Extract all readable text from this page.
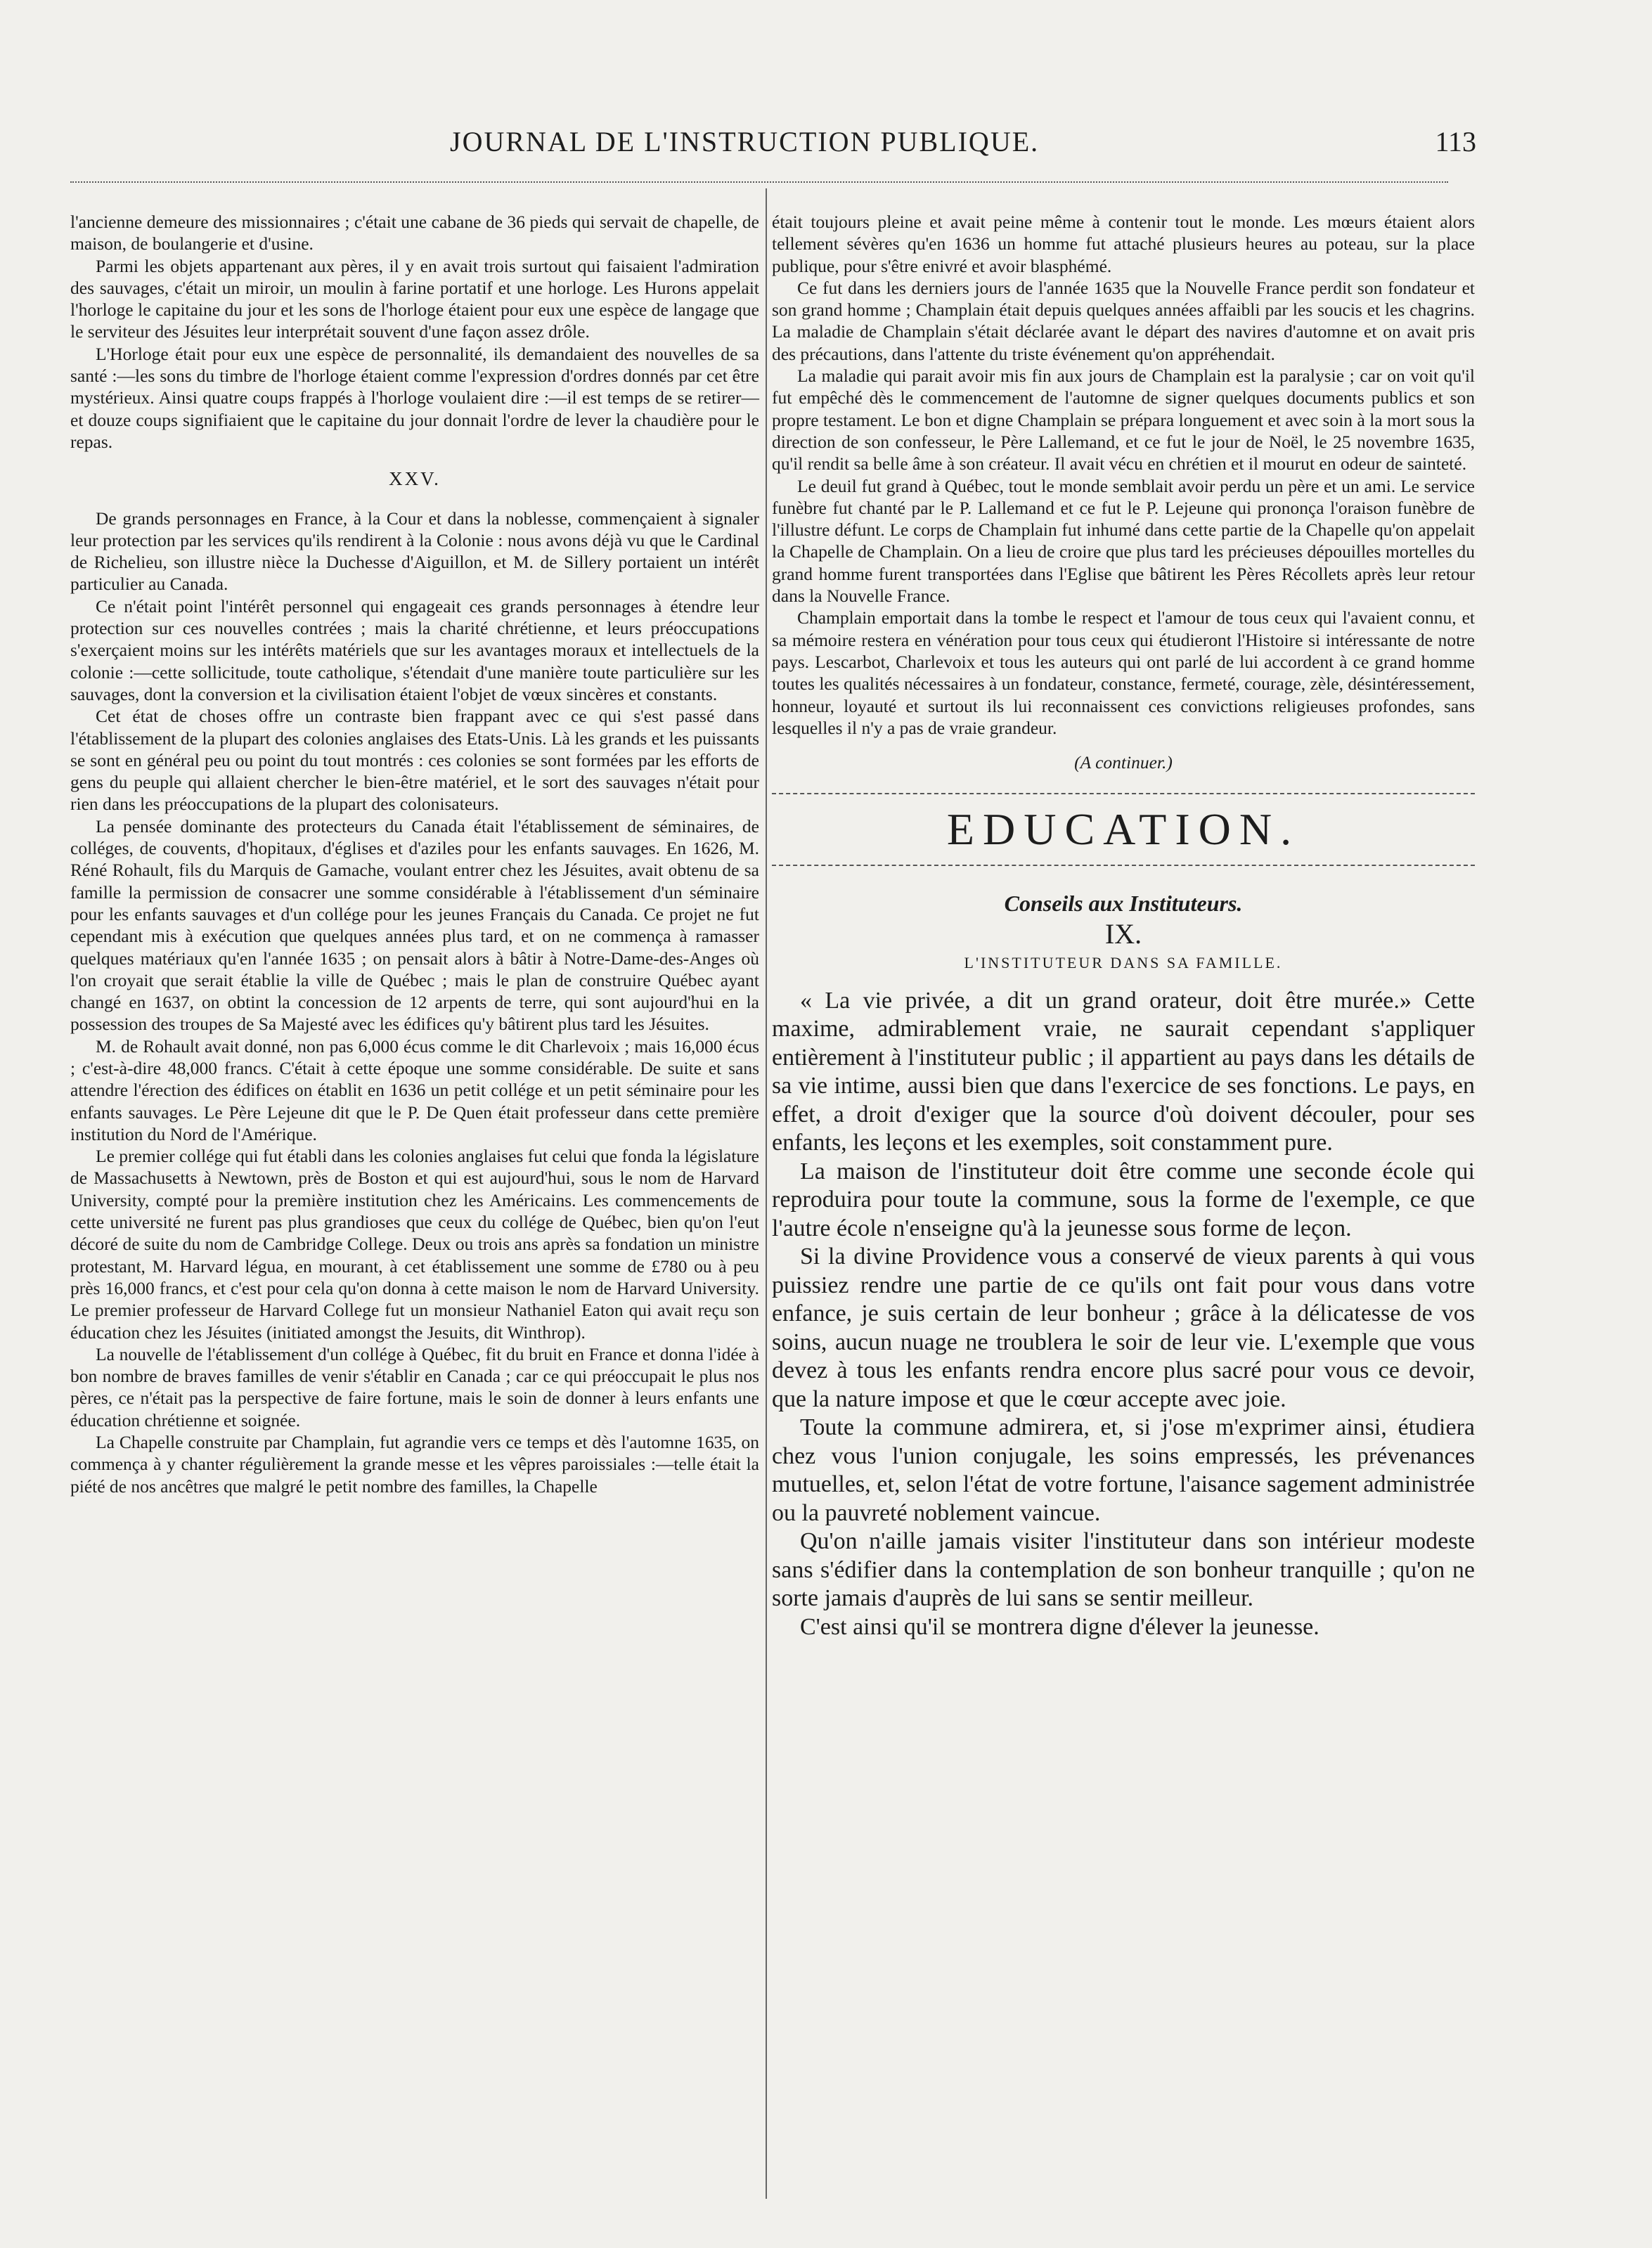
JOURNAL DE L'INSTRUCTION PUBLIQUE.	113

l'ancienne demeure des missionnaires ; c'était une cabane de 36 pieds qui servait de chapelle, de maison, de boulangerie et d'usine.

Parmi les objets appartenant aux pères, il y en avait trois surtout qui faisaient l'admiration des sauvages, c'était un miroir, un moulin à farine portatif et une horloge. Les Hurons appelait l'horloge le capitaine du jour et les sons de l'horloge étaient pour eux une espèce de langage que le serviteur des Jésuites leur interprétait souvent d'une façon assez drôle.

L'Horloge était pour eux une espèce de personnalité, ils demandaient des nouvelles de sa santé :—les sons du timbre de l'horloge étaient comme l'expression d'ordres donnés par cet être mystérieux. Ainsi quatre coups frappés à l'horloge voulaient dire :—il est temps de se retirer—et douze coups signifiaient que le capitaine du jour donnait l'ordre de lever la chaudière pour le repas.

XXV.

De grands personnages en France, à la Cour et dans la noblesse, commençaient à signaler leur protection par les services qu'ils rendirent à la Colonie : nous avons déjà vu que le Cardinal de Richelieu, son illustre nièce la Duchesse d'Aiguillon, et M. de Sillery portaient un intérêt particulier au Canada.

Ce n'était point l'intérêt personnel qui engageait ces grands personnages à étendre leur protection sur ces nouvelles contrées ; mais la charité chrétienne, et leurs préoccupations s'exerçaient moins sur les intérêts matériels que sur les avantages moraux et intellectuels de la colonie :—cette sollicitude, toute catholique, s'étendait d'une manière toute particulière sur les sauvages, dont la conversion et la civilisation étaient l'objet de vœux sincères et constants.

Cet état de choses offre un contraste bien frappant avec ce qui s'est passé dans l'établissement de la plupart des colonies anglaises des Etats-Unis. Là les grands et les puissants se sont en général peu ou point du tout montrés : ces colonies se sont formées par les efforts de gens du peuple qui allaient chercher le bien-être matériel, et le sort des sauvages n'était pour rien dans les préoccupations de la plupart des colonisateurs.

La pensée dominante des protecteurs du Canada était l'établissement de séminaires, de colléges, de couvents, d'hopitaux, d'églises et d'aziles pour les enfants sauvages. En 1626, M. Réné Rohault, fils du Marquis de Gamache, voulant entrer chez les Jésuites, avait obtenu de sa famille la permission de consacrer une somme considérable à l'établissement d'un séminaire pour les enfants sauvages et d'un collége pour les jeunes Français du Canada. Ce projet ne fut cependant mis à exécution que quelques années plus tard, et on ne commença à ramasser quelques matériaux qu'en l'année 1635 ; on pensait alors à bâtir à Notre-Dame-des-Anges où l'on croyait que serait établie la ville de Québec ; mais le plan de construire Québec ayant changé en 1637, on obtint la concession de 12 arpents de terre, qui sont aujourd'hui en la possession des troupes de Sa Majesté avec les édifices qu'y bâtirent plus tard les Jésuites.

M. de Rohault avait donné, non pas 6,000 écus comme le dit Charlevoix ; mais 16,000 écus ; c'est-à-dire 48,000 francs. C'était à cette époque une somme considérable. De suite et sans attendre l'érection des édifices on établit en 1636 un petit collége et un petit séminaire pour les enfants sauvages. Le Père Lejeune dit que le P. De Quen était professeur dans cette première institution du Nord de l'Amérique.

Le premier collége qui fut établi dans les colonies anglaises fut celui que fonda la législature de Massachusetts à Newtown, près de Boston et qui est aujourd'hui, sous le nom de Harvard University, compté pour la première institution chez les Américains. Les commencements de cette université ne furent pas plus grandioses que ceux du collége de Québec, bien qu'on l'eut décoré de suite du nom de Cambridge College. Deux ou trois ans après sa fondation un ministre protestant, M. Harvard légua, en mourant, à cet établissement une somme de £780 ou à peu près 16,000 francs, et c'est pour cela qu'on donna à cette maison le nom de Harvard University. Le premier professeur de Harvard College fut un monsieur Nathaniel Eaton qui avait reçu son éducation chez les Jésuites (initiated amongst the Jesuits, dit Winthrop).

La nouvelle de l'établissement d'un collége à Québec, fit du bruit en France et donna l'idée à bon nombre de braves familles de venir s'établir en Canada ; car ce qui préoccupait le plus nos pères, ce n'était pas la perspective de faire fortune, mais le soin de donner à leurs enfants une éducation chrétienne et soignée.

La Chapelle construite par Champlain, fut agrandie vers ce temps et dès l'automne 1635, on commença à y chanter régulièrement la grande messe et les vêpres paroissiales :—telle était la piété de nos ancêtres que malgré le petit nombre des familles, la Chapelle

était toujours pleine et avait peine même à contenir tout le monde. Les mœurs étaient alors tellement sévères qu'en 1636 un homme fut attaché plusieurs heures au poteau, sur la place publique, pour s'être enivré et avoir blasphémé.

Ce fut dans les derniers jours de l'année 1635 que la Nouvelle France perdit son fondateur et son grand homme ; Champlain était depuis quelques années affaibli par les soucis et les chagrins. La maladie de Champlain s'était déclarée avant le départ des navires d'automne et on avait pris des précautions, dans l'attente du triste événement qu'on appréhendait.

La maladie qui parait avoir mis fin aux jours de Champlain est la paralysie ; car on voit qu'il fut empêché dès le commencement de l'automne de signer quelques documents publics et son propre testament. Le bon et digne Champlain se prépara longuement et avec soin à la mort sous la direction de son confesseur, le Père Lallemand, et ce fut le jour de Noël, le 25 novembre 1635, qu'il rendit sa belle âme à son créateur. Il avait vécu en chrétien et il mourut en odeur de sainteté.

Le deuil fut grand à Québec, tout le monde semblait avoir perdu un père et un ami. Le service funèbre fut chanté par le P. Lallemand et ce fut le P. Lejeune qui prononça l'oraison funèbre de l'illustre défunt. Le corps de Champlain fut inhumé dans cette partie de la Chapelle qu'on appelait la Chapelle de Champlain. On a lieu de croire que plus tard les précieuses dépouilles mortelles du grand homme furent transportées dans l'Eglise que bâtirent les Pères Récollets après leur retour dans la Nouvelle France.

Champlain emportait dans la tombe le respect et l'amour de tous ceux qui l'avaient connu, et sa mémoire restera en vénération pour tous ceux qui étudieront l'Histoire si intéressante de notre pays. Lescarbot, Charlevoix et tous les auteurs qui ont parlé de lui accordent à ce grand homme toutes les qualités nécessaires à un fondateur, constance, fermeté, courage, zèle, désintéressement, honneur, loyauté et surtout ils lui reconnaissent ces convictions religieuses profondes, sans lesquelles il n'y a pas de vraie grandeur.

(A continuer.)

EDUCATION.
Conseils aux Instituteurs.
IX.
L'INSTITUTEUR DANS SA FAMILLE.

« La vie privée, a dit un grand orateur, doit être murée.» Cette maxime, admirablement vraie, ne saurait cependant s'appliquer entièrement à l'instituteur public ; il appartient au pays dans les détails de sa vie intime, aussi bien que dans l'exercice de ses fonctions. Le pays, en effet, a droit d'exiger que la source d'où doivent découler, pour ses enfants, les leçons et les exemples, soit constamment pure.

La maison de l'instituteur doit être comme une seconde école qui reproduira pour toute la commune, sous la forme de l'exemple, ce que l'autre école n'enseigne qu'à la jeunesse sous forme de leçon.

Si la divine Providence vous a conservé de vieux parents à qui vous puissiez rendre une partie de ce qu'ils ont fait pour vous dans votre enfance, je suis certain de leur bonheur ; grâce à la délicatesse de vos soins, aucun nuage ne troublera le soir de leur vie. L'exemple que vous devez à tous les enfants rendra encore plus sacré pour vous ce devoir, que la nature impose et que le cœur accepte avec joie.

Toute la commune admirera, et, si j'ose m'exprimer ainsi, étudiera chez vous l'union conjugale, les soins empressés, les prévenances mutuelles, et, selon l'état de votre fortune, l'aisance sagement administrée ou la pauvreté noblement vaincue.

Qu'on n'aille jamais visiter l'instituteur dans son intérieur modeste sans s'édifier dans la contemplation de son bonheur tranquille ; qu'on ne sorte jamais d'auprès de lui sans se sentir meilleur.

C'est ainsi qu'il se montrera digne d'élever la jeunesse.
